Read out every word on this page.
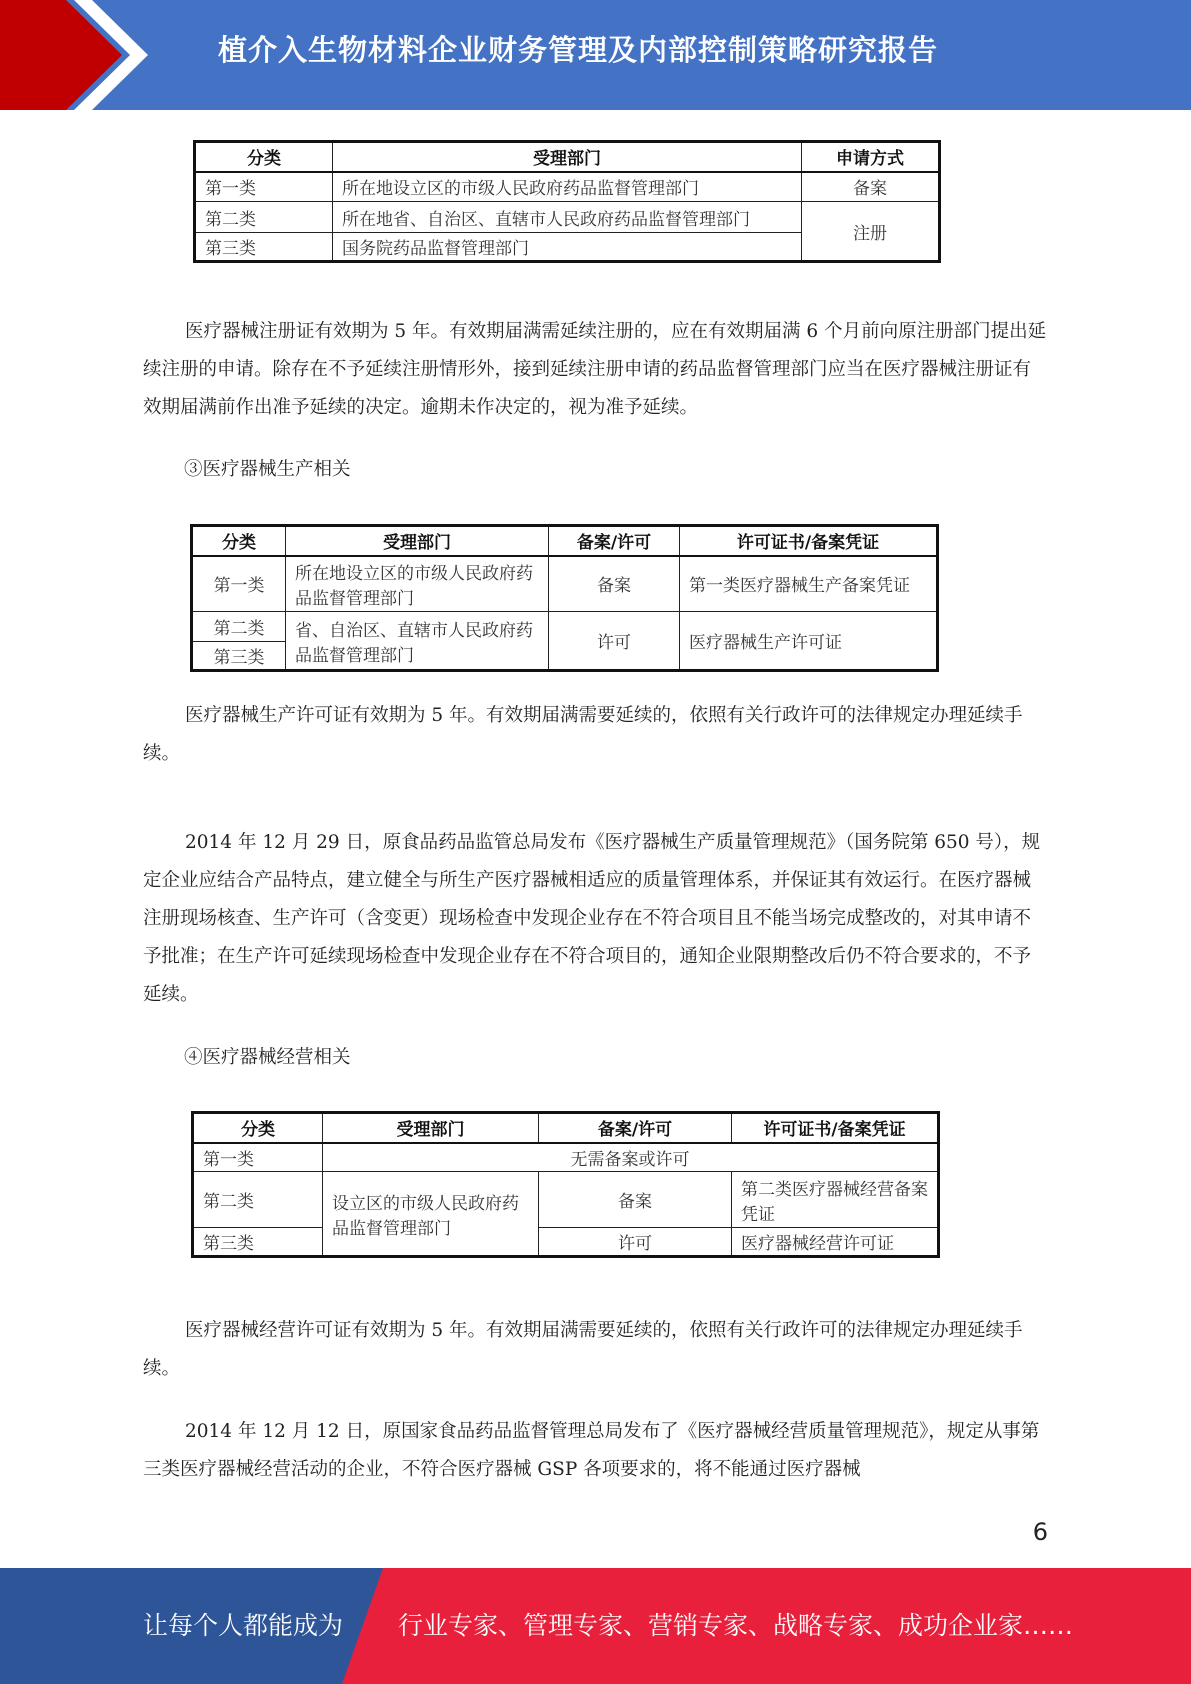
植介入生物材料企业财务管理及内部控制策略研究报告
分类	受理部门	申请方式
第一类	所在地设立区的市级人民政府药品监督管理部门	备案
第二类	所在地省、自治区、直辖市人民政府药品监督管理部门	注册
第三类	国务院药品监督管理部门	
医疗器械注册证有效期为 5 年。有效期届满需延续注册的，应在有效期届满 6 个月前向原注册部门提出延续注册的申请。除存在不予延续注册情形外，接到延续注册申请的药品监督管理部门应当在医疗器械注册证有效期届满前作出准予延续的决定。逾期未作决定的，视为准予延续。
③医疗器械生产相关
分类	受理部门	备案/许可	许可证书/备案凭证
第一类	所在地设立区的市级人民政府药品监督管理部门	备案	第一类医疗器械生产备案凭证
第二类	省、自治区、直辖市人民政府药品监督管理部门	许可	医疗器械生产许可证
第三类			
医疗器械生产许可证有效期为 5 年。有效期届满需要延续的，依照有关行政许可的法律规定办理延续手续。
2014 年 12 月 29 日，原食品药品监管总局发布《医疗器械生产质量管理规范》（国务院第 650 号），规定企业应结合产品特点，建立健全与所生产医疗器械相适应的质量管理体系，并保证其有效运行。在医疗器械注册现场核查、生产许可（含变更）现场检查中发现企业存在不符合项目且不能当场完成整改的，对其申请不予批准；在生产许可延续现场检查中发现企业存在不符合项目的，通知企业限期整改后仍不符合要求的，不予延续。
④医疗器械经营相关
分类	受理部门	备案/许可	许可证书/备案凭证
第一类	无需备案或许可		
第二类	设立区的市级人民政府药品监督管理部门	备案	第二类医疗器械经营备案凭证
第三类		许可	医疗器械经营许可证
医疗器械经营许可证有效期为 5 年。有效期届满需要延续的，依照有关行政许可的法律规定办理延续手续。
2014 年 12 月 12 日，原国家食品药品监督管理总局发布了《医疗器械经营质量管理规范》，规定从事第三类医疗器械经营活动的企业，不符合医疗器械 GSP 各项要求的，将不能通过医疗器械
6
让每个人都能成为 行业专家、管理专家、营销专家、战略专家、成功企业家……
